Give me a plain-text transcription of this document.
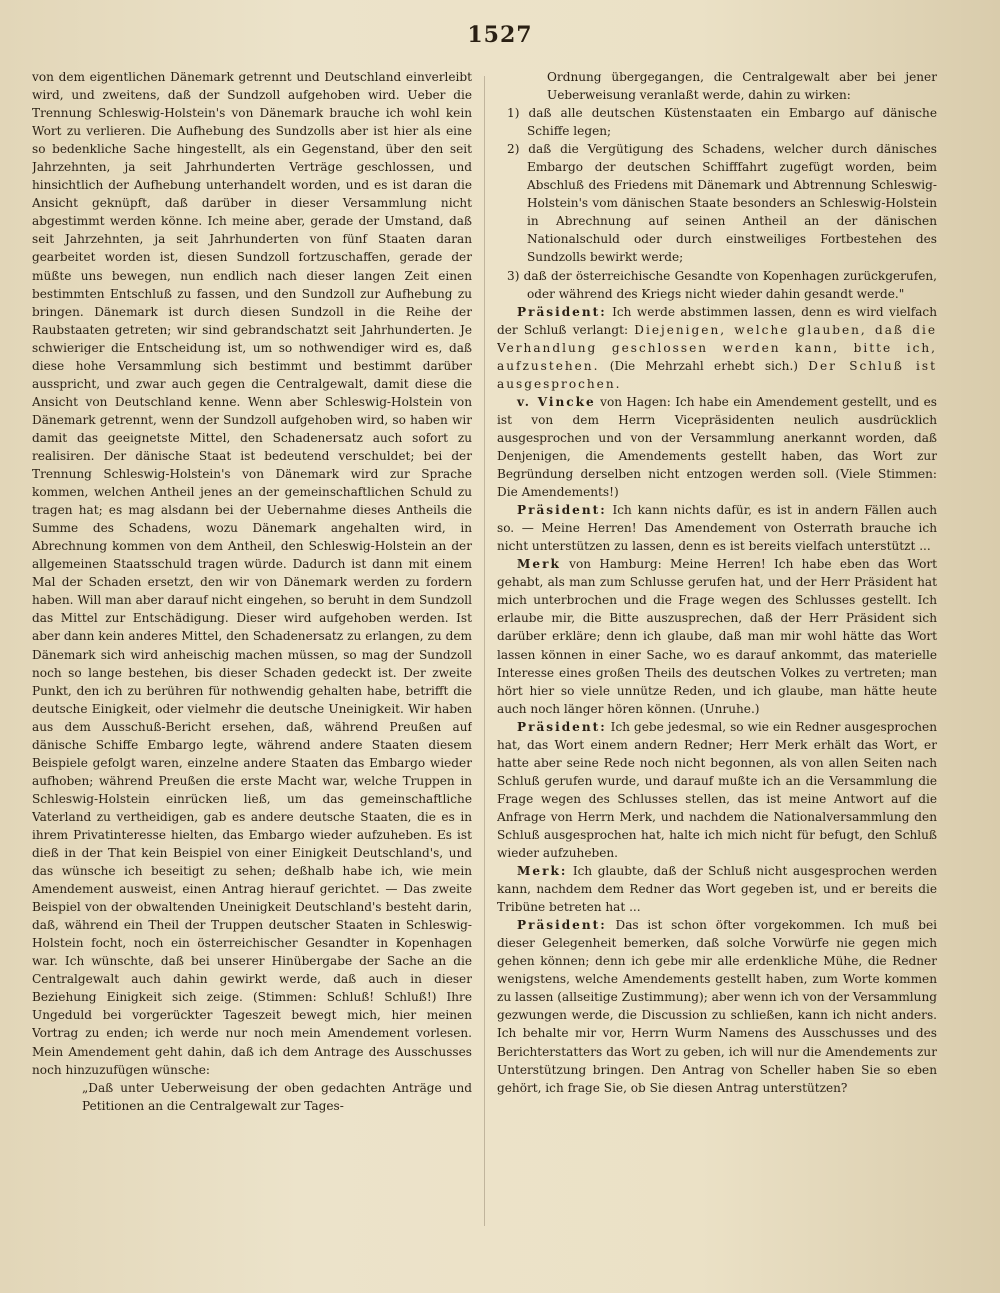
1527

von dem eigentlichen Dänemark getrennt und Deutschland einverleibt wird, und zweitens, daß der Sundzoll aufgehoben wird. Ueber die Trennung Schleswig-Holstein's von Dänemark brauche ich wohl kein Wort zu verlieren. Die Aufhebung des Sundzolls aber ist hier als eine so bedenkliche Sache hingestellt, als ein Gegenstand, über den seit Jahrzehnten, ja seit Jahrhunderten Verträge geschlossen, und hinsichtlich der Aufhebung unterhandelt worden, und es ist daran die Ansicht geknüpft, daß darüber in dieser Versammlung nicht abgestimmt werden könne. Ich meine aber, gerade der Umstand, daß seit Jahrzehnten, ja seit Jahrhunderten von fünf Staaten daran gearbeitet worden ist, diesen Sundzoll fortzuschaffen, gerade der müßte uns bewegen, nun endlich nach dieser langen Zeit einen bestimmten Entschluß zu fassen, und den Sundzoll zur Aufhebung zu bringen. Dänemark ist durch diesen Sundzoll in die Reihe der Raubstaaten getreten; wir sind gebrandschatzt seit Jahrhunderten. Je schwieriger die Entscheidung ist, um so nothwendiger wird es, daß diese hohe Versammlung sich bestimmt und bestimmt darüber ausspricht, und zwar auch gegen die Centralgewalt, damit diese die Ansicht von Deutschland kenne. Wenn aber Schleswig-Holstein von Dänemark getrennt, wenn der Sundzoll aufgehoben wird, so haben wir damit das geeignetste Mittel, den Schadenersatz auch sofort zu realisiren. Der dänische Staat ist bedeutend verschuldet; bei der Trennung Schleswig-Holstein's von Dänemark wird zur Sprache kommen, welchen Antheil jenes an der gemeinschaftlichen Schuld zu tragen hat; es mag alsdann bei der Uebernahme dieses Antheils die Summe des Schadens, wozu Dänemark angehalten wird, in Abrechnung kommen von dem Antheil, den Schleswig-Holstein an der allgemeinen Staatsschuld tragen würde. Dadurch ist dann mit einem Mal der Schaden ersetzt, den wir von Dänemark werden zu fordern haben. Will man aber darauf nicht eingehen, so beruht in dem Sundzoll das Mittel zur Entschädigung. Dieser wird aufgehoben werden. Ist aber dann kein anderes Mittel, den Schadenersatz zu erlangen, zu dem Dänemark sich wird anheischig machen müssen, so mag der Sundzoll noch so lange bestehen, bis dieser Schaden gedeckt ist. Der zweite Punkt, den ich zu berühren für nothwendig gehalten habe, betrifft die deutsche Einigkeit, oder vielmehr die deutsche Uneinigkeit. Wir haben aus dem Ausschuß-Bericht ersehen, daß, während Preußen auf dänische Schiffe Embargo legte, während andere Staaten diesem Beispiele gefolgt waren, einzelne andere Staaten das Embargo wieder aufhoben; während Preußen die erste Macht war, welche Truppen in Schleswig-Holstein einrücken ließ, um das gemeinschaftliche Vaterland zu vertheidigen, gab es andere deutsche Staaten, die es in ihrem Privatinteresse hielten, das Embargo wieder aufzuheben. Es ist dieß in der That kein Beispiel von einer Einigkeit Deutschland's, und das wünsche ich beseitigt zu sehen; deßhalb habe ich, wie mein Amendement ausweist, einen Antrag hierauf gerichtet. — Das zweite Beispiel von der obwaltenden Uneinigkeit Deutschland's besteht darin, daß, während ein Theil der Truppen deutscher Staaten in Schleswig-Holstein focht, noch ein österreichischer Gesandter in Kopenhagen war. Ich wünschte, daß bei unserer Hinübergabe der Sache an die Centralgewalt auch dahin gewirkt werde, daß auch in dieser Beziehung Einigkeit sich zeige. (Stimmen: Schluß! Schluß!) Ihre Ungeduld bei vorgerückter Tageszeit bewegt mich, hier meinen Vortrag zu enden; ich werde nur noch mein Amendement vorlesen. Mein Amendement geht dahin, daß ich dem Antrage des Ausschusses noch hinzuzufügen wünsche:

„Daß unter Ueberweisung der oben gedachten Anträge und Petitionen an die Centralgewalt zur Tages-

Ordnung übergegangen, die Centralgewalt aber bei jener Ueberweisung veranlaßt werde, dahin zu wirken:

1) daß alle deutschen Küstenstaaten ein Embargo auf dänische Schiffe legen;

2) daß die Vergütigung des Schadens, welcher durch dänisches Embargo der deutschen Schifffahrt zugefügt worden, beim Abschluß des Friedens mit Dänemark und Abtrennung Schleswig-Holstein's vom dänischen Staate besonders an Schleswig-Holstein in Abrechnung auf seinen Antheil an der dänischen Nationalschuld oder durch einstweiliges Fortbestehen des Sundzolls bewirkt werde;

3) daß der österreichische Gesandte von Kopenhagen zurückgerufen, oder während des Kriegs nicht wieder dahin gesandt werde."

Präsident: Ich werde abstimmen lassen, denn es wird vielfach der Schluß verlangt: Diejenigen, welche glauben, daß die Verhandlung geschlossen werden kann, bitte ich, aufzustehen. (Die Mehrzahl erhebt sich.) Der Schluß ist ausgesprochen.

v. Vincke von Hagen: Ich habe ein Amendement gestellt, und es ist von dem Herrn Vicepräsidenten neulich ausdrücklich ausgesprochen und von der Versammlung anerkannt worden, daß Denjenigen, die Amendements gestellt haben, das Wort zur Begründung derselben nicht entzogen werden soll. (Viele Stimmen: Die Amendements!)

Präsident: Ich kann nichts dafür, es ist in andern Fällen auch so. — Meine Herren! Das Amendement von Osterrath brauche ich nicht unterstützen zu lassen, denn es ist bereits vielfach unterstützt ...

Merk von Hamburg: Meine Herren! Ich habe eben das Wort gehabt, als man zum Schlusse gerufen hat, und der Herr Präsident hat mich unterbrochen und die Frage wegen des Schlusses gestellt. Ich erlaube mir, die Bitte auszusprechen, daß der Herr Präsident sich darüber erkläre; denn ich glaube, daß man mir wohl hätte das Wort lassen können in einer Sache, wo es darauf ankommt, das materielle Interesse eines großen Theils des deutschen Volkes zu vertreten; man hört hier so viele unnütze Reden, und ich glaube, man hätte heute auch noch länger hören können. (Unruhe.)

Präsident: Ich gebe jedesmal, so wie ein Redner ausgesprochen hat, das Wort einem andern Redner; Herr Merk erhält das Wort, er hatte aber seine Rede noch nicht begonnen, als von allen Seiten nach Schluß gerufen wurde, und darauf mußte ich an die Versammlung die Frage wegen des Schlusses stellen, das ist meine Antwort auf die Anfrage von Herrn Merk, und nachdem die Nationalversammlung den Schluß ausgesprochen hat, halte ich mich nicht für befugt, den Schluß wieder aufzuheben.

Merk: Ich glaubte, daß der Schluß nicht ausgesprochen werden kann, nachdem dem Redner das Wort gegeben ist, und er bereits die Tribüne betreten hat ...

Präsident: Das ist schon öfter vorgekommen. Ich muß bei dieser Gelegenheit bemerken, daß solche Vorwürfe nie gegen mich gehen können; denn ich gebe mir alle erdenkliche Mühe, die Redner wenigstens, welche Amendements gestellt haben, zum Worte kommen zu lassen (allseitige Zustimmung); aber wenn ich von der Versammlung gezwungen werde, die Discussion zu schließen, kann ich nicht anders. Ich behalte mir vor, Herrn Wurm Namens des Ausschusses und des Berichterstatters das Wort zu geben, ich will nur die Amendements zur Unterstützung bringen. Den Antrag von Scheller haben Sie so eben gehört, ich frage Sie, ob Sie diesen Antrag unterstützen?
